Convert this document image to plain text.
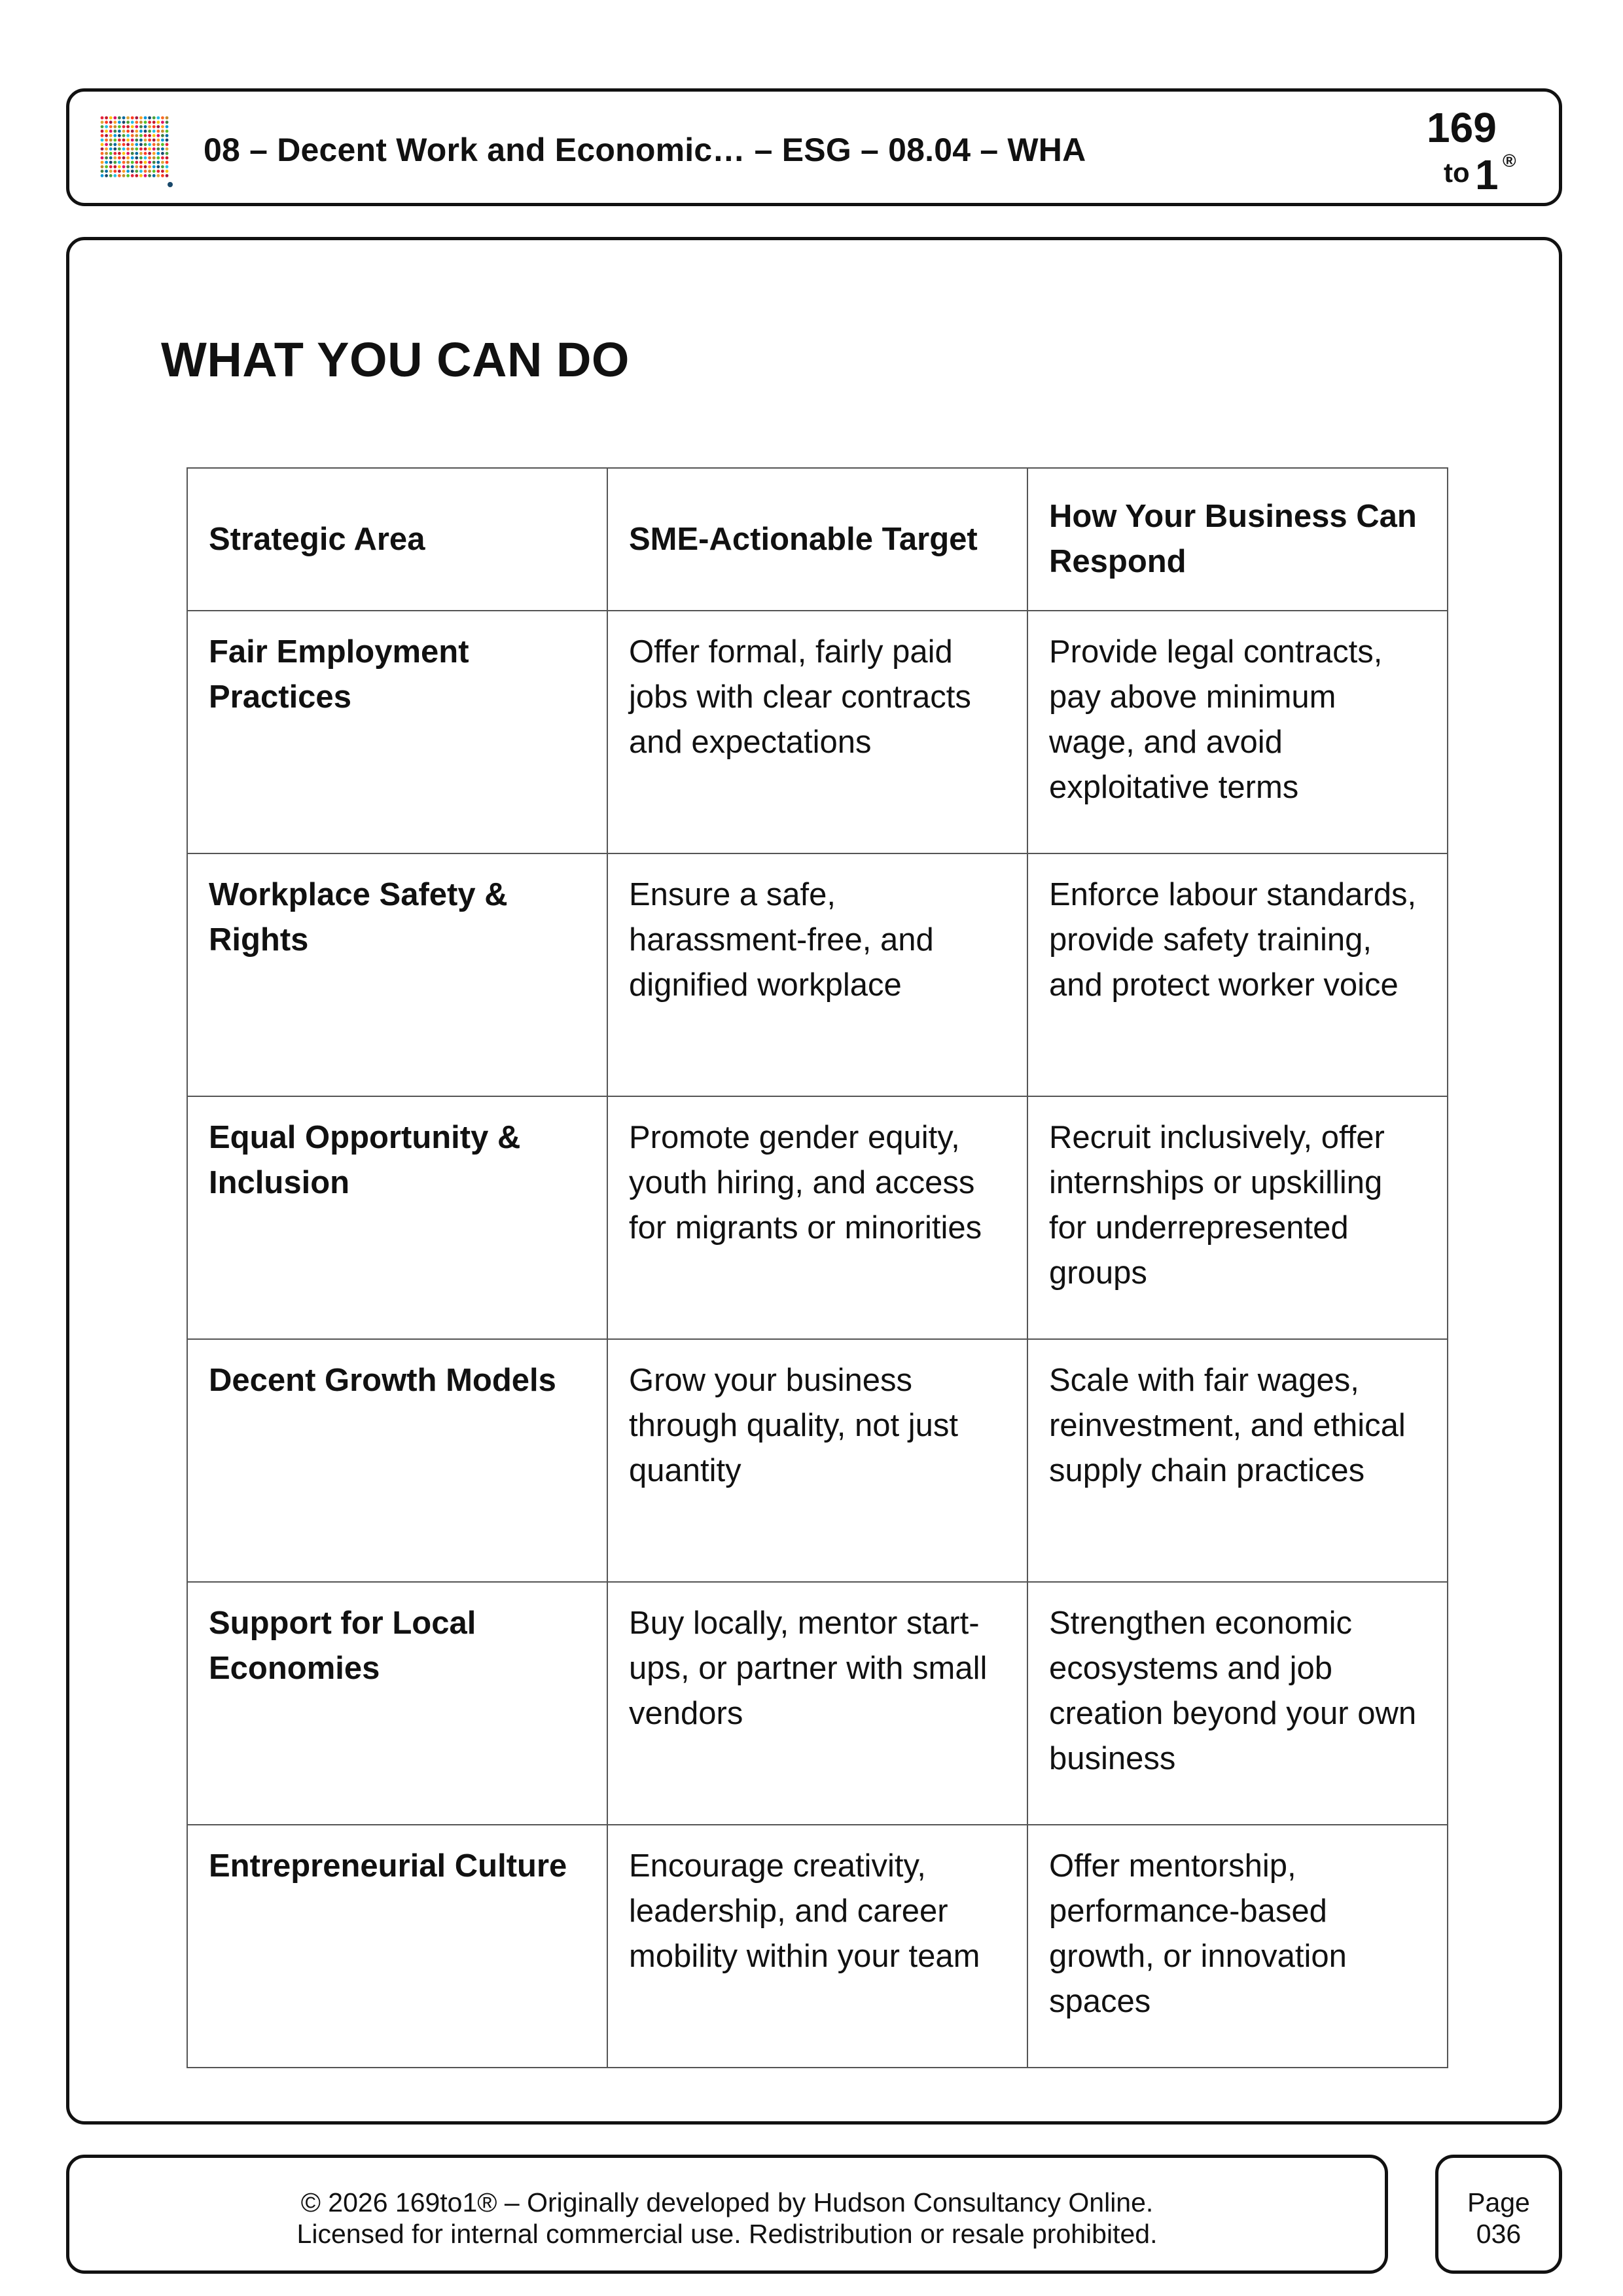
08 – Decent Work and Economic… – ESG – 08.04 – WHA	169
to 1 ®
WHAT YOU CAN DO
Strategic Area	SME-Actionable Target	How Your Business Can Respond
Fair Employment Practices	Offer formal, fairly paid jobs with clear contracts and expectations	Provide legal contracts, pay above minimum wage, and avoid exploitative terms
Workplace Safety & Rights	Ensure a safe, harassment-free, and dignified workplace	Enforce labour standards, provide safety training, and protect worker voice
Equal Opportunity & Inclusion	Promote gender equity, youth hiring, and access for migrants or minorities	Recruit inclusively, offer internships or upskilling for underrepresented groups
Decent Growth Models	Grow your business through quality, not just quantity	Scale with fair wages, reinvestment, and ethical supply chain practices
Support for Local Economies	Buy locally, mentor start-ups, or partner with small vendors	Strengthen economic ecosystems and job creation beyond your own business
Entrepreneurial Culture	Encourage creativity, leadership, and career mobility within your team	Offer mentorship, performance-based growth, or innovation spaces
© 2026 169to1® – Originally developed by Hudson Consultancy Online.
Licensed for internal commercial use. Redistribution or resale prohibited.
Page
036
